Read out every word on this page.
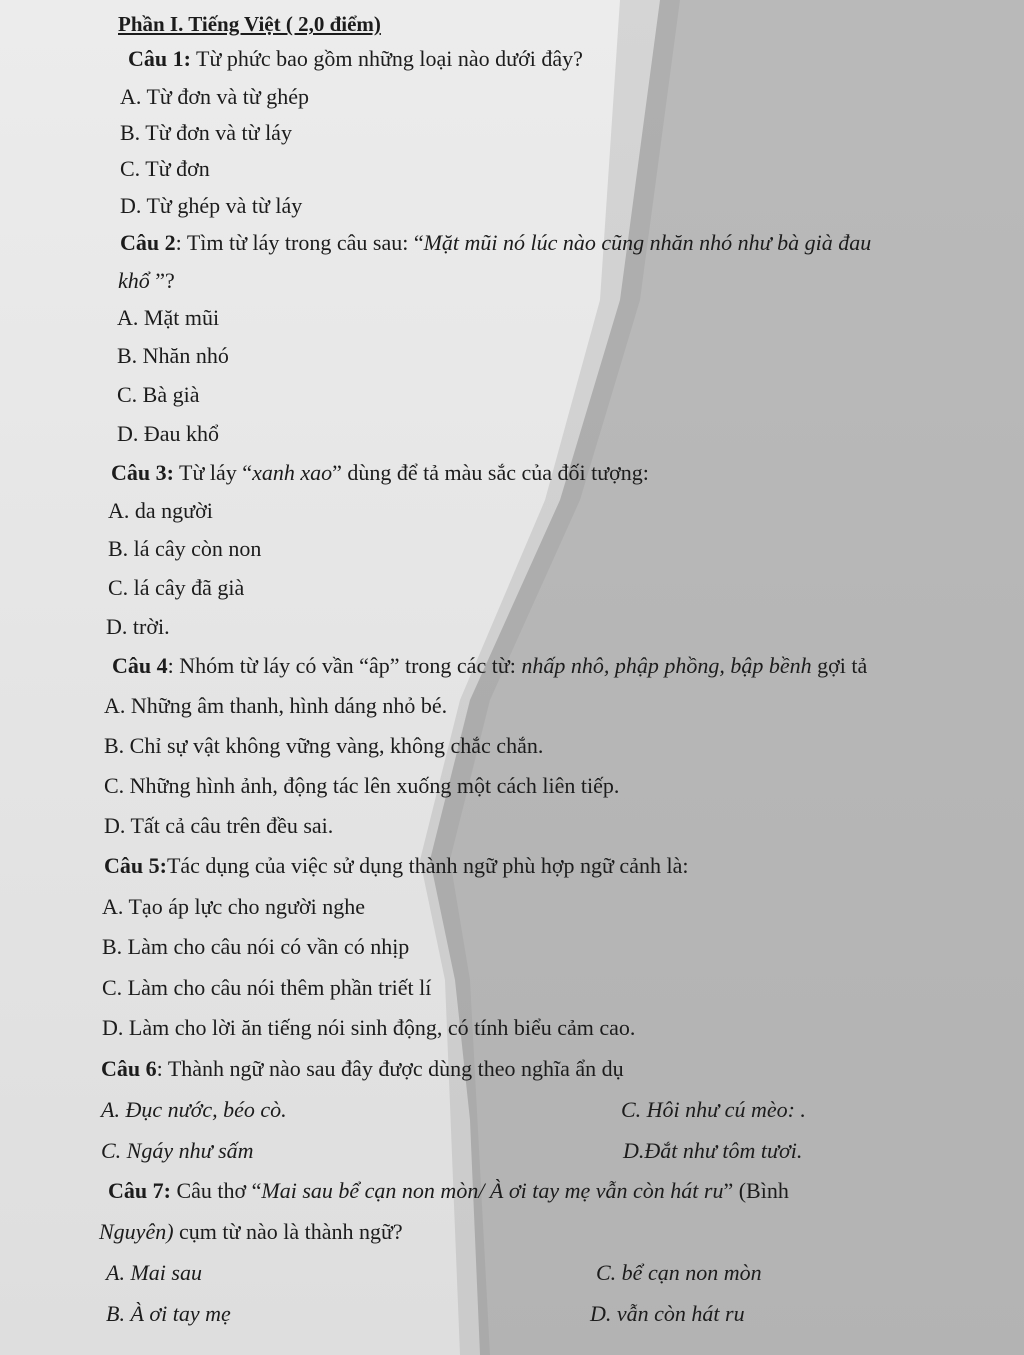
Phần I. Tiếng Việt ( 2,0 điểm)

Câu 1: Từ phức bao gồm những loại nào dưới đây?

A. Từ đơn và từ ghép

B. Từ đơn và từ láy

C. Từ đơn

D. Từ ghép và từ láy

Câu 2: Tìm từ láy trong câu sau: “Mặt mũi nó lúc nào cũng nhăn nhó như bà già đau

khổ ”?

A. Mặt mũi

B. Nhăn nhó

C. Bà già

D. Đau khổ

Câu 3: Từ láy “xanh xao” dùng để tả màu sắc của đối tượng:

A. da người

B. lá cây còn non

C. lá cây đã già

D. trời.

Câu 4: Nhóm từ láy có vần “âp” trong các từ: nhấp nhô, phập phồng, bập bềnh gợi tả

A. Những âm thanh, hình dáng nhỏ bé.

B. Chỉ sự vật không vững vàng, không chắc chắn.

C. Những hình ảnh, động tác lên xuống một cách liên tiếp.

D. Tất cả câu trên đều sai.

Câu 5:Tác dụng của việc sử dụng thành ngữ phù hợp ngữ cảnh là:

A. Tạo áp lực cho người nghe

B. Làm cho câu nói có vần có nhịp

C. Làm cho câu nói thêm phần triết lí

D. Làm cho lời ăn tiếng nói sinh động, có tính biểu cảm cao.

Câu 6: Thành ngữ nào sau đây được dùng theo nghĩa ẩn dụ

A. Đục nước, béo cò.	C. Hôi như cú mèo: .

C. Ngáy như sấm	D.Đắt như tôm tươi.

Câu 7: Câu thơ “Mai sau bể cạn non mòn/ À ơi tay mẹ vẫn còn hát ru” (Bình

Nguyên) cụm từ nào là thành ngữ?

A. Mai sau	C. bể cạn non mòn

B. À ơi tay mẹ	D. vẫn còn hát ru
